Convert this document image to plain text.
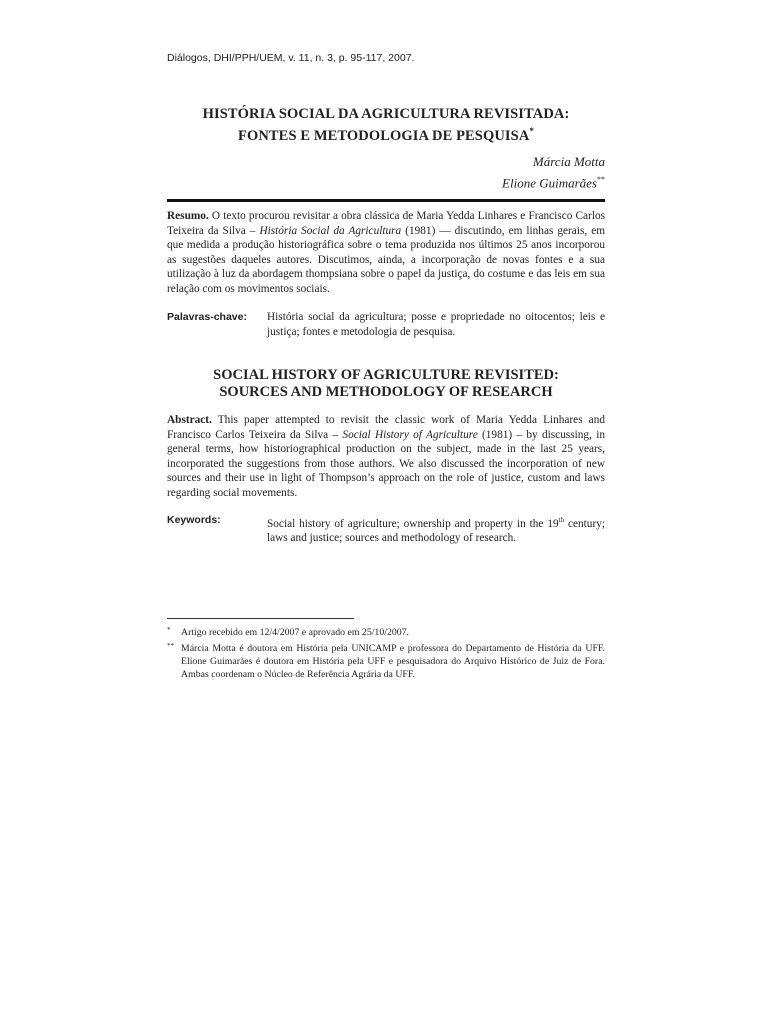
Diálogos, DHI/PPH/UEM, v. 11, n. 3, p. 95-117, 2007.
HISTÓRIA SOCIAL DA AGRICULTURA REVISITADA:
FONTES E METODOLOGIA DE PESQUISA*
Márcia Motta
Elione Guimarães**
Resumo. O texto procurou revisitar a obra clássica de Maria Yedda Linhares e Francisco Carlos Teixeira da Silva – História Social da Agricultura (1981) — discutindo, em linhas gerais, em que medida a produção historiográfica sobre o tema produzida nos últimos 25 anos incorporou as sugestões daqueles autores. Discutimos, ainda, a incorporação de novas fontes e a sua utilização à luz da abordagem thompsiana sobre o papel da justiça, do costume e das leis em sua relação com os movimentos sociais.
Palavras-chave: História social da agricultura; posse e propriedade no oitocentos; leis e justiça; fontes e metodologia de pesquisa.
SOCIAL HISTORY OF AGRICULTURE REVISITED:
SOURCES AND METHODOLOGY OF RESEARCH
Abstract. This paper attempted to revisit the classic work of Maria Yedda Linhares and Francisco Carlos Teixeira da Silva – Social History of Agriculture (1981) – by discussing, in general terms, how historiographical production on the subject, made in the last 25 years, incorporated the suggestions from those authors. We also discussed the incorporation of new sources and their use in light of Thompson’s approach on the role of justice, custom and laws regarding social movements.
Keywords:	Social history of agriculture; ownership and property in the 19th century; laws and justice; sources and methodology of research.
* Artigo recebido em 12/4/2007 e aprovado em 25/10/2007.
** Márcia Motta é doutora em História pela UNICAMP e professora do Departamento de História da UFF. Elione Guimarães é doutora em História pela UFF e pesquisadora do Arquivo Histórico de Juiz de Fora. Ambas coordenam o Núcleo de Referência Agrária da UFF.
